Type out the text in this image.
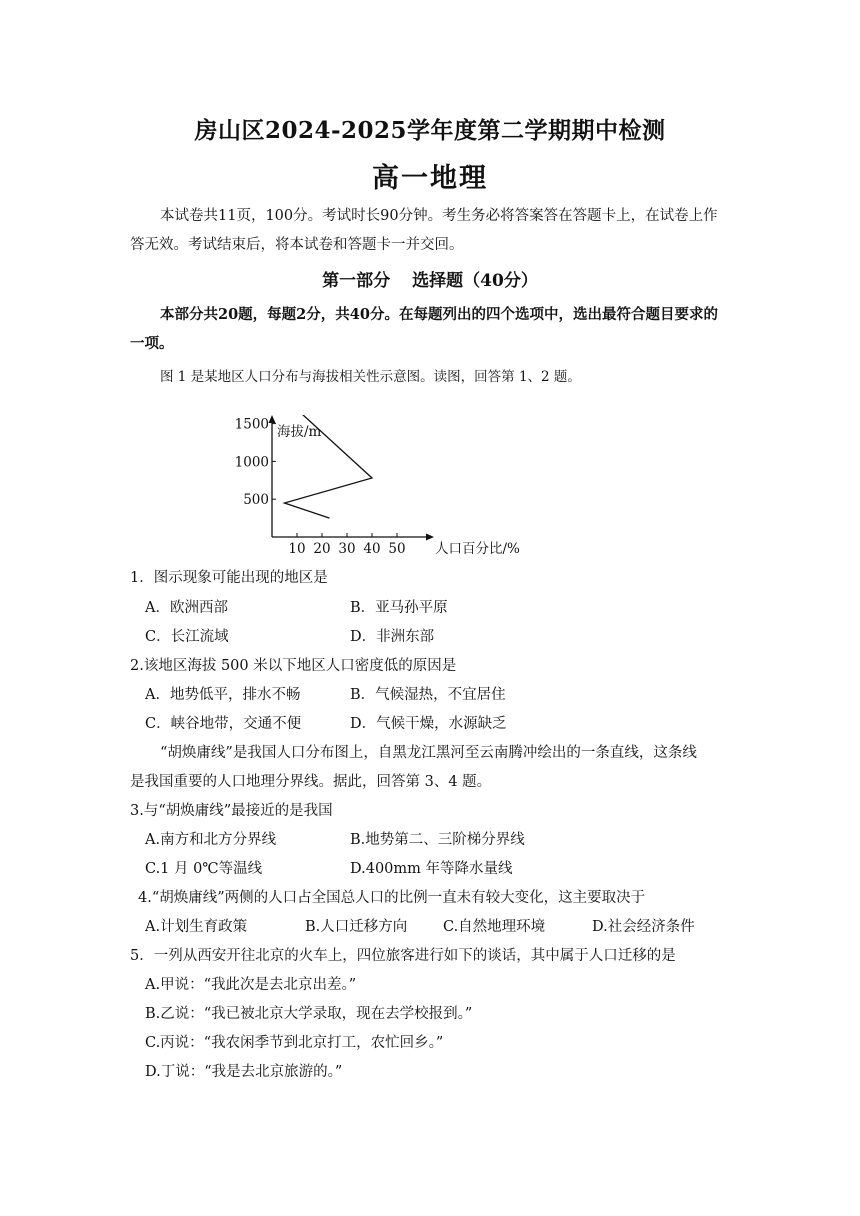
房山区2024-2025学年度第二学期期中检测
高一地理
本试卷共11页，100分。考试时长90分钟。考生务必将答案答在答题卡上，在试卷上作
答无效。考试结束后，将本试卷和答题卡一并交回。
第一部分 选择题（40分）
本部分共20题，每题2分，共40分。在每题列出的四个选项中，选出最符合题目要求的
一项。
图 1 是某地区人口分布与海拔相关性示意图。读图，回答第 1、2 题。
海拔/m
人口百分比/%
500
1000
1500
10 20 30 40 50
1．图示现象可能出现的地区是
A．欧洲西部	B．亚马孙平原
C．长江流域	D．非洲东部
2.该地区海拔 500 米以下地区人口密度低的原因是
A．地势低平，排水不畅	B．气候湿热，不宜居住
C．峡谷地带，交通不便	D．气候干燥，水源缺乏
“胡焕庸线”是我国人口分布图上，自黑龙江黑河至云南腾冲绘出的一条直线，这条线
是我国重要的人口地理分界线。据此，回答第 3、4 题。
3.与“胡焕庸线”最接近的是我国
A.南方和北方分界线	B.地势第二、三阶梯分界线
C.1 月 0℃等温线	D.400mm 年等降水量线
4.“胡焕庸线”两侧的人口占全国总人口的比例一直未有较大变化，这主要取决于
A.计划生育政策	B.人口迁移方向 C.自然地理环境	D.社会经济条件
5．一列从西安开往北京的火车上，四位旅客进行如下的谈话，其中属于人口迁移的是
A.甲说：“我此次是去北京出差。”
B.乙说：“我已被北京大学录取，现在去学校报到。”
C.丙说：“我农闲季节到北京打工，农忙回乡。”
D.丁说：“我是去北京旅游的。”
